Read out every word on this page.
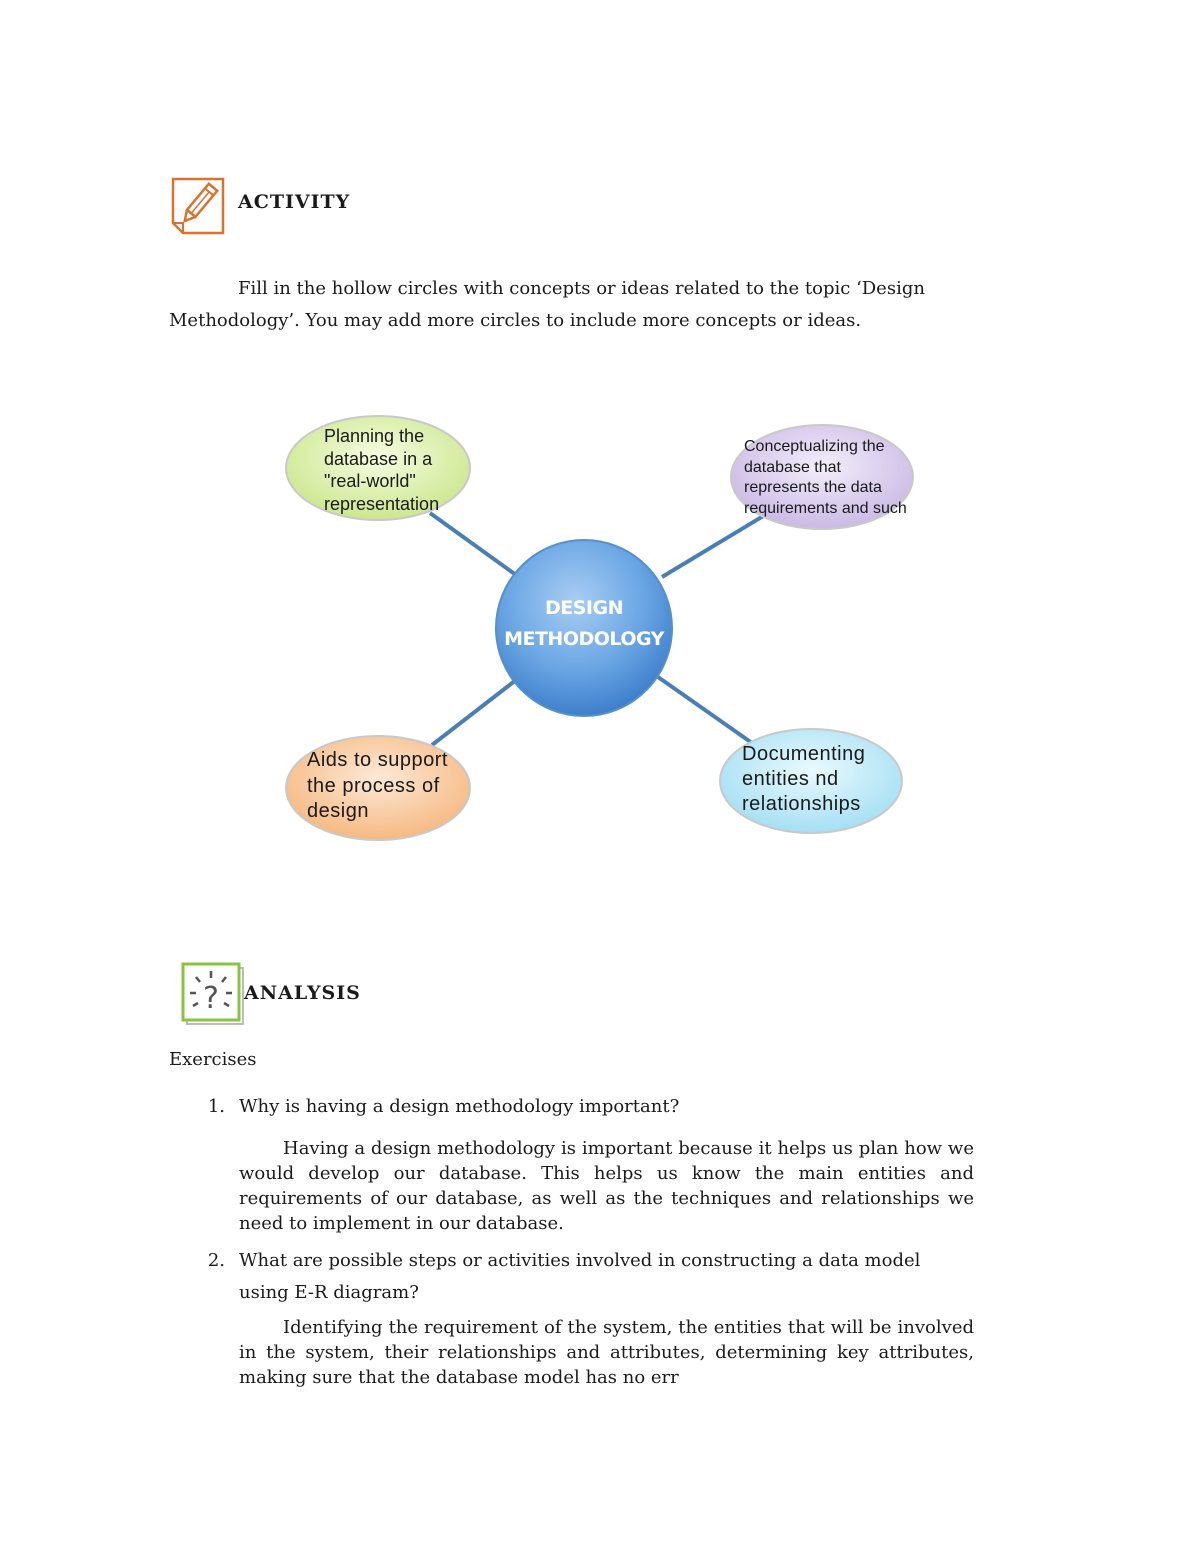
ACTIVITY
Fill in the hollow circles with concepts or ideas related to the topic ‘Design Methodology’. You may add more circles to include more concepts or ideas.
DESIGN
METHODOLOGY
Planning the
database in a
"real-world"
representation
Conceptualizing the
database that
represents the data
requirements and such
Aids to support
the process of
design
Documenting
entities nd
relationships
? ANALYSIS
Exercises
1. Why is having a design methodology important?
Having a design methodology is important because it helps us plan how we would develop our database. This helps us know the main entities and requirements of our database, as well as the techniques and relationships we need to implement in our database.
2. What are possible steps or activities involved in constructing a data model using E-R diagram?
Identifying the requirement of the system, the entities that will be involved in the system, their relationships and attributes, determining key attributes, making sure that the database model has no err
